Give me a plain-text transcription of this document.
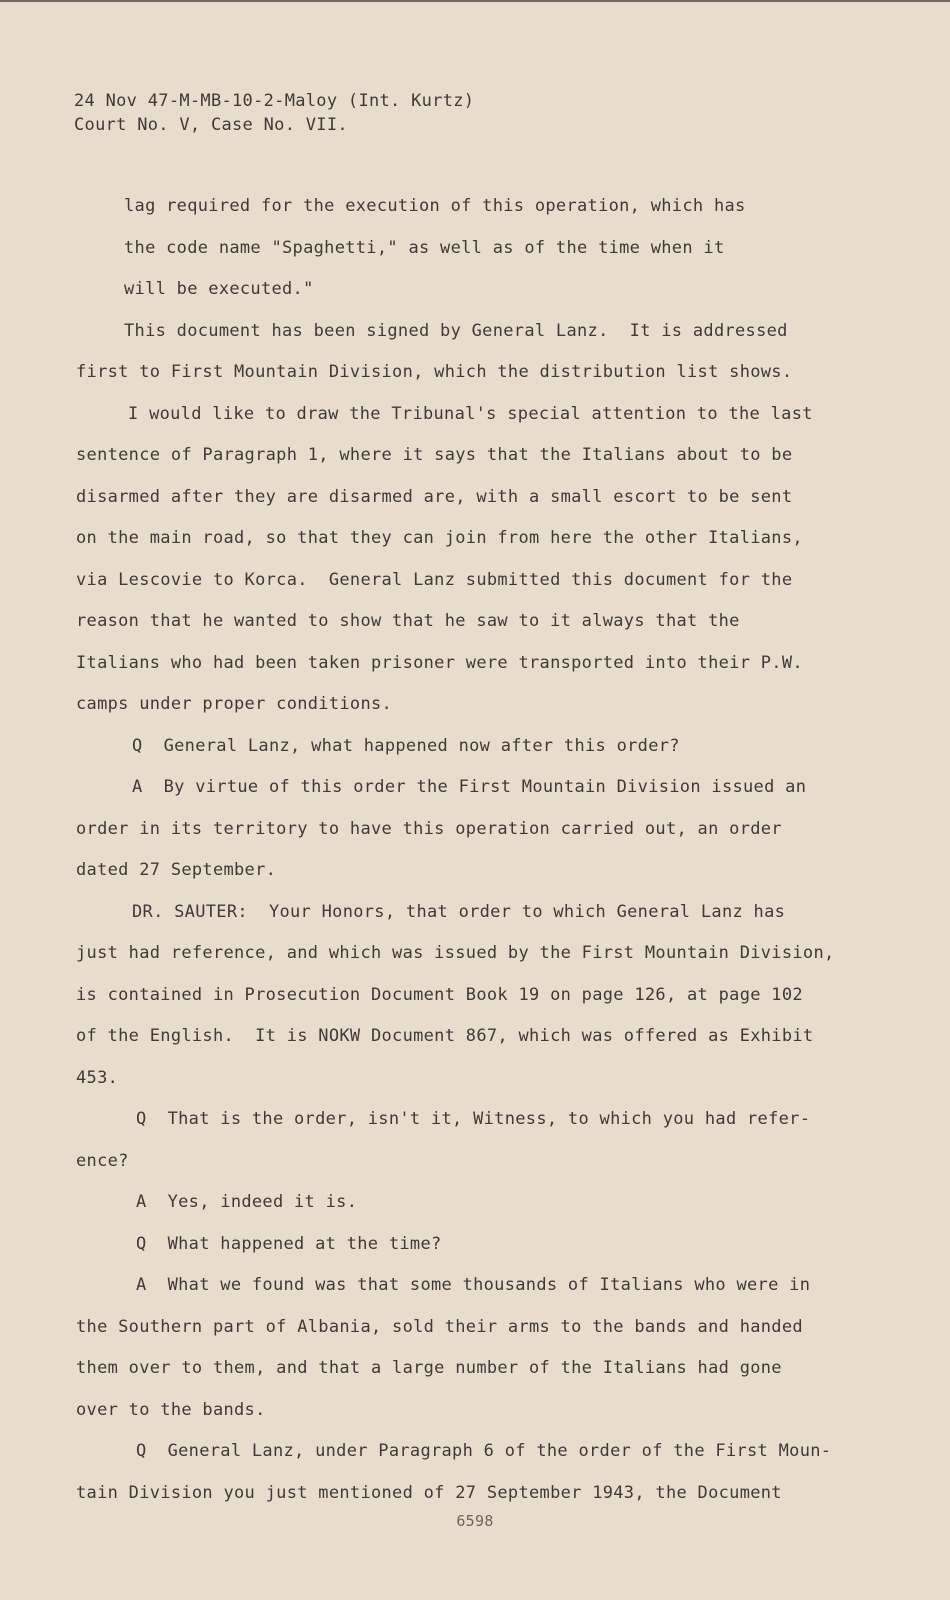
24 Nov 47-M-MB-10-2-Maloy (Int. Kurtz)
Court No. V, Case No. VII.
lag required for the execution of this operation, which has
the code name "Spaghetti," as well as of the time when it
will be executed."
This document has been signed by General Lanz.  It is addressed
first to First Mountain Division, which the distribution list shows.
I would like to draw the Tribunal's special attention to the last
sentence of Paragraph 1, where it says that the Italians about to be
disarmed after they are disarmed are, with a small escort to be sent
on the main road, so that they can join from here the other Italians,
via Lescovie to Korca.  General Lanz submitted this document for the
reason that he wanted to show that he saw to it always that the
Italians who had been taken prisoner were transported into their P.W.
camps under proper conditions.
Q  General Lanz, what happened now after this order?
A  By virtue of this order the First Mountain Division issued an
order in its territory to have this operation carried out, an order
dated 27 September.
DR. SAUTER:  Your Honors, that order to which General Lanz has
just had reference, and which was issued by the First Mountain Division,
is contained in Prosecution Document Book 19 on page 126, at page 102
of the English.  It is NOKW Document 867, which was offered as Exhibit
453.
Q  That is the order, isn't it, Witness, to which you had refer-
ence?
A  Yes, indeed it is.
Q  What happened at the time?
A  What we found was that some thousands of Italians who were in
the Southern part of Albania, sold their arms to the bands and handed
them over to them, and that a large number of the Italians had gone
over to the bands.
Q  General Lanz, under Paragraph 6 of the order of the First Moun-
tain Division you just mentioned of 27 September 1943, the Document
6598
